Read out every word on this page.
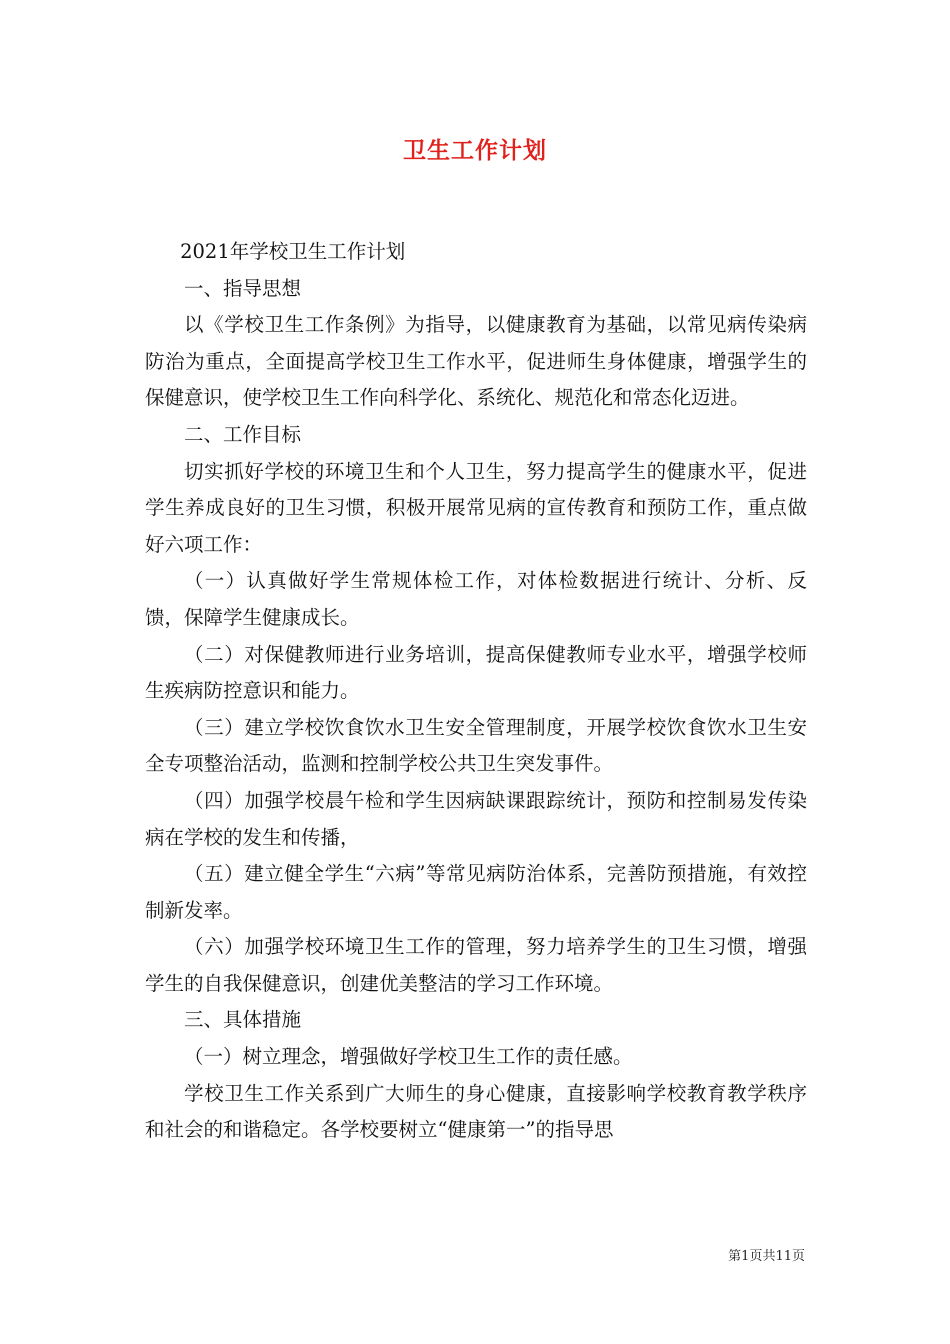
卫生工作计划

2021年学校卫生工作计划

一、指导思想

以《学校卫生工作条例》为指导，以健康教育为基础，以常见病传染病防治为重点，全面提高学校卫生工作水平，促进师生身体健康，增强学生的保健意识，使学校卫生工作向科学化、系统化、规范化和常态化迈进。

二、工作目标

切实抓好学校的环境卫生和个人卫生，努力提高学生的健康水平，促进学生养成良好的卫生习惯，积极开展常见病的宣传教育和预防工作，重点做好六项工作：

（一）认真做好学生常规体检工作，对体检数据进行统计、分析、反馈，保障学生健康成长。

（二）对保健教师进行业务培训，提高保健教师专业水平，增强学校师生疾病防控意识和能力。

（三）建立学校饮食饮水卫生安全管理制度，开展学校饮食饮水卫生安全专项整治活动，监测和控制学校公共卫生突发事件。

（四）加强学校晨午检和学生因病缺课跟踪统计，预防和控制易发传染病在学校的发生和传播，

（五）建立健全学生“六病”等常见病防治体系，完善防预措施，有效控制新发率。

（六）加强学校环境卫生工作的管理，努力培养学生的卫生习惯，增强学生的自我保健意识，创建优美整洁的学习工作环境。

三、具体措施

（一）树立理念，增强做好学校卫生工作的责任感。

学校卫生工作关系到广大师生的身心健康，直接影响学校教育教学秩序和社会的和谐稳定。各学校要树立“健康第一”的指导思

第1页共11页
